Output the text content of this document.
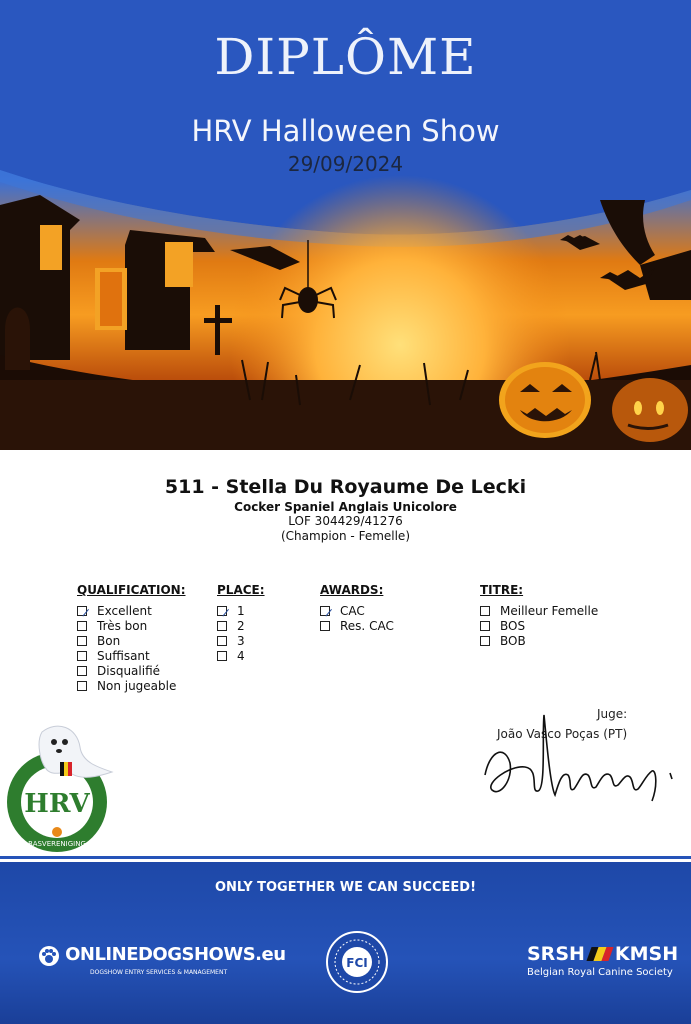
DIPLÔME
HRV Halloween Show
29/09/2024
511 - Stella Du Royaume De Lecki
Cocker Spaniel Anglais Unicolore
LOF 304429/41276
(Champion - Femelle)
QUALIFICATION:
Excellent
Très bon
Bon
Suffisant
Disqualifié
Non jugeable
PLACE:
1
2
3
4
AWARDS:
CAC
Res. CAC
TITRE:
Meilleur Femelle
BOS
BOB
Juge:
João Vasco Poças (PT)
HRV
RASVERENIGING
ONLY TOGETHER WE CAN SUCCEED!
ONLINEDOGSHOWS.eu
DOGSHOW ENTRY SERVICES & MANAGEMENT
FCI	SRSH KMSH
Belgian Royal Canine Society
